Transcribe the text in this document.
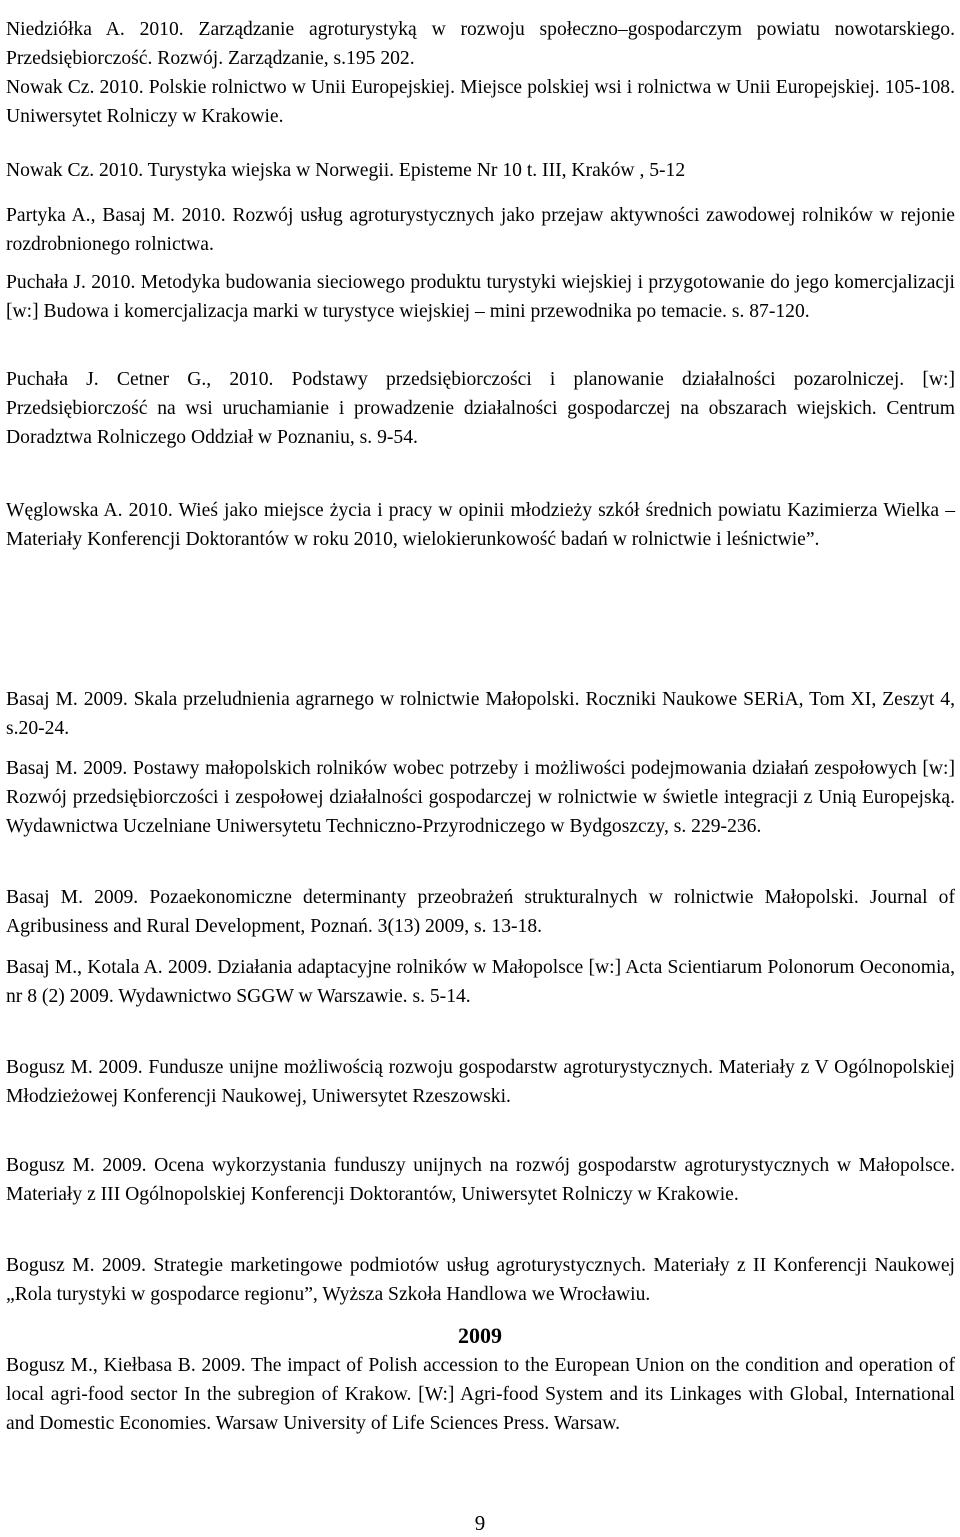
Niedziółka A. 2010. Zarządzanie agroturystyką w rozwoju społeczno–gospodarczym powiatu nowotarskiego. Przedsiębiorczość. Rozwój. Zarządzanie, s.195 202.

Nowak Cz. 2010. Polskie rolnictwo w Unii Europejskiej. Miejsce polskiej wsi i rolnictwa w Unii Europejskiej. 105-108. Uniwersytet Rolniczy w Krakowie.

Nowak Cz. 2010. Turystyka wiejska w Norwegii. Episteme Nr 10 t. III, Kraków , 5-12

Partyka A., Basaj M. 2010. Rozwój usług agroturystycznych jako przejaw aktywności zawodowej rolników w rejonie rozdrobnionego rolnictwa.

Puchała J. 2010. Metodyka budowania sieciowego produktu turystyki wiejskiej i przygotowanie do jego komercjalizacji [w:] Budowa i komercjalizacja marki w turystyce wiejskiej – mini przewodnika po temacie. s. 87-120.

Puchała J. Cetner G., 2010. Podstawy przedsiębiorczości i planowanie działalności pozarolniczej. [w:] Przedsiębiorczość na wsi uruchamianie i prowadzenie działalności gospodarczej na obszarach wiejskich. Centrum Doradztwa Rolniczego Oddział w Poznaniu, s. 9-54.

Węglowska A. 2010. Wieś jako miejsce życia i pracy w opinii młodzieży szkół średnich powiatu Kazimierza Wielka – Materiały Konferencji Doktorantów w roku 2010, wielokierunkowość badań w rolnictwie i leśnictwie”.

2009

Basaj M. 2009. Skala przeludnienia agrarnego w rolnictwie Małopolski. Roczniki Naukowe SERiA, Tom XI, Zeszyt 4, s.20-24.

Basaj M. 2009. Postawy małopolskich rolników wobec potrzeby i możliwości podejmowania działań zespołowych [w:] Rozwój przedsiębiorczości i zespołowej działalności gospodarczej w rolnictwie w świetle integracji z Unią Europejską. Wydawnictwa Uczelniane Uniwersytetu Techniczno-Przyrodniczego w Bydgoszczy, s. 229-236.

Basaj M. 2009. Pozaekonomiczne determinanty przeobrażeń strukturalnych w rolnictwie Małopolski. Journal of Agribusiness and Rural Development, Poznań. 3(13) 2009, s. 13-18.

Basaj M., Kotala A. 2009. Działania adaptacyjne rolników w Małopolsce [w:] Acta Scientiarum Polonorum Oeconomia, nr 8 (2) 2009. Wydawnictwo SGGW w Warszawie. s. 5-14.

Bogusz M. 2009. Fundusze unijne możliwością rozwoju gospodarstw agroturystycznych. Materiały z V Ogólnopolskiej Młodzieżowej Konferencji Naukowej, Uniwersytet Rzeszowski.

Bogusz M. 2009. Ocena wykorzystania funduszy unijnych na rozwój gospodarstw agroturystycznych w Małopolsce. Materiały z III Ogólnopolskiej Konferencji Doktorantów, Uniwersytet Rolniczy w Krakowie.

Bogusz M. 2009. Strategie marketingowe podmiotów usług agroturystycznych. Materiały z II Konferencji Naukowej „Rola turystyki w gospodarce regionu”, Wyższa Szkoła Handlowa we Wrocławiu.

Bogusz M., Kiełbasa B. 2009. The impact of Polish accession to the European Union on the condition and operation of local agri-food sector In the subregion of Krakow. [W:] Agri-food System and its Linkages with Global, International and Domestic Economies. Warsaw University of Life Sciences Press. Warsaw.

9
